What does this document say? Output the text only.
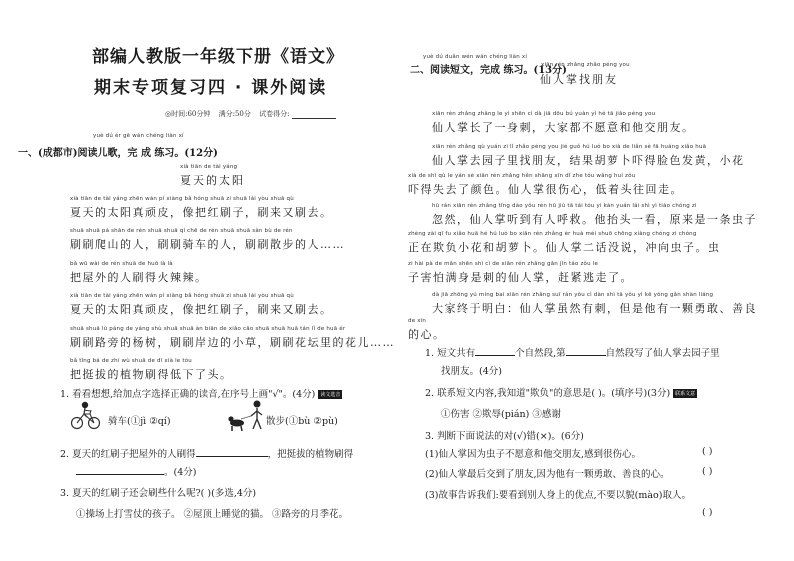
部编人教版一年级下册《语文》
期末专项复习四 · 课外阅读
◎时间:60分钟 满分:50分 试卷得分:
yuè dú ér gē wán chéng liàn xí
一、(成都市)阅读儿歌，完 成 练习。(12分)
xià tiān de tài yáng
夏天的太阳
xià tiān de tài yáng zhēn wán pí xiàng bǎ hóng shuā zi shuā lái yòu shuā qù
夏天的太阳真顽皮，像把红刷子，刷来又刷去。
shuā shuā pá shān de rén shuā shuā qí chē de rén shuā shuā sàn bù de rén
刷刷爬山的人，刷刷骑车的人，刷刷散步的人……
bǎ wū wài de rén shuā de huǒ là là
把屋外的人刷得火辣辣。
xià tiān de tài yáng zhēn wán pí xiàng bǎ hóng shuā zi shuā lái yòu shuā qù
夏天的太阳真顽皮，像把红刷子，刷来又刷去。
shuā shuā lù páng de yáng shù shuā shuā àn biān de xiǎo cǎo shuā shuā huā tán lǐ de huā ér
刷刷路旁的杨树，刷刷岸边的小草，刷刷花坛里的花儿……
bǎ tǐng bá de zhí wù shuā de dī xià le tóu
把挺拔的植物刷得低下了头。
1. 看看想想,给加点字选择正确的读音,在序号上画"√"。(4分) 读文选音
骑车(①jì ②qí)	散步(①bù ②pù)
2. 夏天的红刷子把屋外的人刷得	，把挺拔的植物刷得
。(4分)
3. 夏天的红刷子还会刷些什么呢?( )(多选,4分)
①操场上打雪仗的孩子。 ②屋顶上睡觉的猫。 ③路旁的月季花。
yuè dú duǎn wén wán chéng liàn xí
二、阅读短文，完成 练习。(13分)
xiān rén zhǎng zhǎo péng you
仙人掌找朋友
xiān rén zhǎng zhǎng le yì shēn cì dà jiā dōu bú yuàn yì hé tā jiāo péng you
仙人掌长了一身刺，大家都不愿意和他交朋友。
xiān rén zhǎng qù yuán zi lǐ zhǎo péng you jié guǒ hú luó bo xià de liǎn sè fā huáng xiǎo huā
仙人掌去园子里找朋友，结果胡萝卜吓得脸色发黄，小花
xià de shī qù le yán sè xiān rén zhǎng hěn shāng xīn dī zhe tóu wǎng huí zǒu
吓得失去了颜色。仙人掌很伤心，低着头往回走。
hū rán xiān rén zhǎng tīng dào yǒu rén hū jiù tā tái tóu yí kàn yuán lái shì yì tiáo chóng zi
忽然，仙人掌听到有人呼救。他抬头一看，原来是一条虫子
zhèng zài qī fu xiǎo huā hé hú luó bo xiān rén zhǎng èr huà méi shuō chōng xiàng chóng zi chóng
正在欺负小花和胡萝卜。仙人掌二话没说，冲向虫子。虫
zi hài pà de mǎn shēn shì cì de xiān rén zhǎng gǎn jǐn táo zǒu le
子害怕满身是刺的仙人掌，赶紧逃走了。
dà jiā zhōng yú míng bai xiān rén zhǎng suī rán yǒu cì dàn shì tā yǒu yì kē yǒng gǎn shàn liáng
大家终于明白：仙人掌虽然有刺，但是他有一颗勇敢、善良
de xīn
的心。
1. 短文共有	个自然段,第	自然段写了仙人掌去园子里
找朋友。(4分)
2. 联系短文内容,我知道"欺负"的意思是( )。(填序号)(3分) 联系文意
①伤害 ②欺辱(pián) ③感谢
3. 判断下面说法的对(√)错(×)。(6分)
(1)仙人掌因为虫子不愿意和他交朋友,感到很伤心。	( )
(2)仙人掌最后交到了朋友,因为他有一颗勇敢、善良的心。	( )
(3)故事告诉我们:要看到别人身上的优点,不要以貌(mào)取人。
( )
